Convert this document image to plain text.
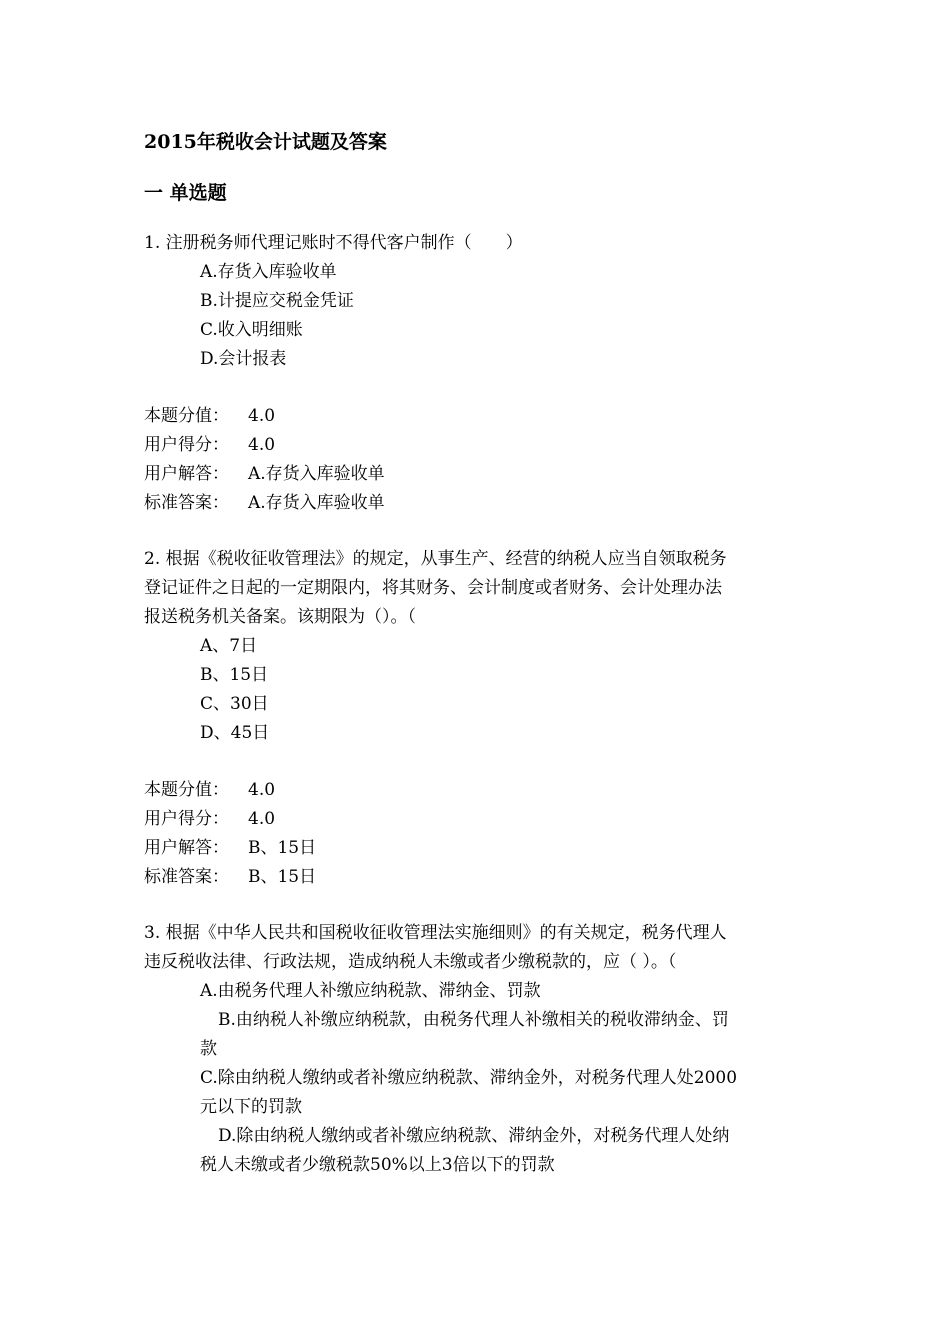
2015年税收会计试题及答案
一 单选题
1. 注册税务师代理记账时不得代客户制作（　　）
A.存货入库验收单
B.计提应交税金凭证
C.收入明细账
D.会计报表
本题分值： 4.0
用户得分： 4.0
用户解答： A.存货入库验收单
标准答案： A.存货入库验收单
2. 根据《税收征收管理法》的规定，从事生产、经营的纳税人应当自领取税务
登记证件之日起的一定期限内，将其财务、会计制度或者财务、会计处理办法
报送税务机关备案。该期限为（）。（
A、7日
B、15日
C、30日
D、45日
本题分值： 4.0
用户得分： 4.0
用户解答： B、15日
标准答案： B、15日
3. 根据《中华人民共和国税收征收管理法实施细则》的有关规定，税务代理人
违反税收法律、行政法规，造成纳税人未缴或者少缴税款的，应（ ）。（
A.由税务代理人补缴应纳税款、滞纳金、罚款
B.由纳税人补缴应纳税款，由税务代理人补缴相关的税收滞纳金、罚
款
C.除由纳税人缴纳或者补缴应纳税款、滞纳金外，对税务代理人处2000
元以下的罚款
D.除由纳税人缴纳或者补缴应纳税款、滞纳金外，对税务代理人处纳
税人未缴或者少缴税款50%以上3倍以下的罚款
